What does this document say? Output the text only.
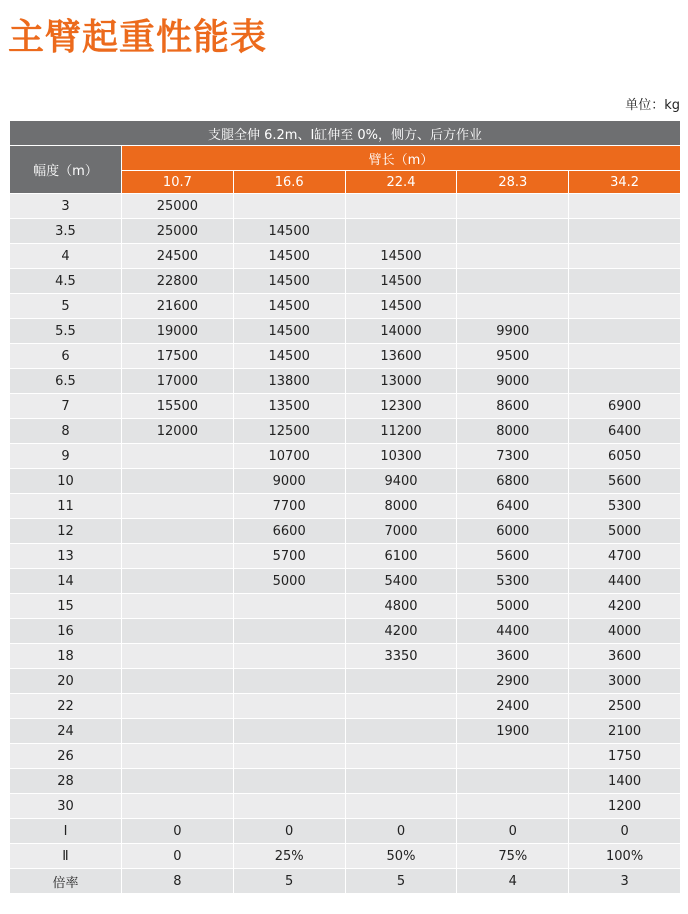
主臂起重性能表
单位：kg
支腿全伸 6.2m、Ⅰ缸伸至 0%，侧方、后方作业					
幅度（m）	臂长（m）				
	10.7	16.6	22.4	28.3	34.2
3	25000				
3.5	25000	14500			
4	24500	14500	14500		
4.5	22800	14500	14500		
5	21600	14500	14500		
5.5	19000	14500	14000	9900	
6	17500	14500	13600	9500	
6.5	17000	13800	13000	9000	
7	15500	13500	12300	8600	6900
8	12000	12500	11200	8000	6400
9		10700	10300	7300	6050
10		9000	9400	6800	5600
11		7700	8000	6400	5300
12		6600	7000	6000	5000
13		5700	6100	5600	4700
14		5000	5400	5300	4400
15			4800	5000	4200
16			4200	4400	4000
18			3350	3600	3600
20				2900	3000
22				2400	2500
24				1900	2100
26					1750
28					1400
30					1200
Ⅰ	0	0	0	0	0
Ⅱ	0	25%	50%	75%	100%
倍率	8	5	5	4	3
